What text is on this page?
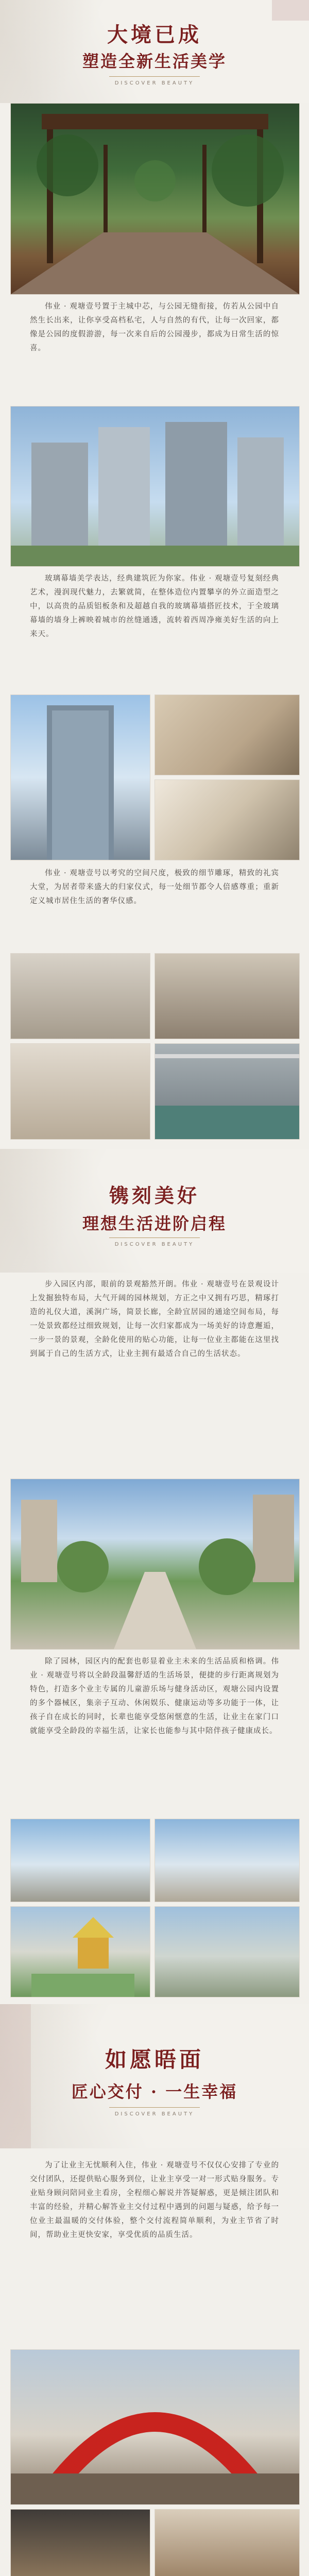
大境已成
塑造全新生活美学
DISCOVER BEAUTY

伟业 · 观塘壹号置于主城中芯，与公园无缝衔接，仿若从公园中自然生长出来，让你享受高档私宅，人与自然的有代，让每一次回家，都像是公园的度假游游，每一次来自后的公园漫步，都成为日常生活的惊喜。

玻璃幕墙美学表达，经典建筑匠为你家。伟业 · 观塘壹号复刻经典艺术，漫润现代魅力，去繁就简，在整体造位内置攀享的外立面造型之中，以高贵的品质铝板条和及超越自我的玻璃幕墙搭匠技术，于全玻璃幕墙的墙身上裤映着城市的丝缝通透，流转着西周净雍美好生活的向上来天。

伟业 · 观塘壹号以考究的空间尺度，极致的细节雕琢，精致的礼宾大堂，为居者带来盛大的归家仪式，每一处细节都令人倍感尊重；重新定义城市居住生活的奢华仪感。

镌刻美好
理想生活进阶启程
DISCOVER BEAUTY

步入园区内部，眼前的景观豁然开朗。伟业 · 观塘壹号在景观设计上发掘独特布局，大气开阔的园林规划，方正之中又拥有巧思，精琢打造的礼仪大道，溪涧广场，简景长廊，全龄宜居园的通途空间布局，每一处景致都经过细致规划，让每一次归家都成为一场美好的诗意邂逅，一步一景的景观，全龄化使用的贴心功能，让每一位业主都能在这里找到属于自己的生活方式，让业主拥有最适合自己的生活状态。

除了园林，园区内的配套也彰显着业主未来的生活品质和格调。伟业 · 观塘壹号将以全龄段温馨舒适的生活场景，便捷的步行距离规划为特色，打造多个业主专属的儿童游乐场与健身活动区，观塘公园内设置的多个器械区，集亲子互动、休闲娱乐、健康运动等多功能于一体，让孩子自在成长的同时，长辈也能享受悠闲惬意的生活，让业主在家门口就能享受全龄段的幸福生活，让家长也能参与其中陪伴孩子健康成长。

如愿晤面
匠心交付 · 一生幸福
DISCOVER BEAUTY

为了让业主无忧顺利入住，伟业 · 观塘壹号不仅仅心安排了专业的交付团队，还提供贴心服务到位，让业主享受一对一形式贴身服务。专业贴身顾问陪同业主看房，全程细心解说并答疑解惑，更是倾注团队和丰富的经验，并精心解答业主交付过程中遇到的问题与疑惑，给予每一位业主最温暖的交付体验，整个交付流程简单顺利，为业主节省了时间，帮助业主更快安家，享受优质的品质生活。
